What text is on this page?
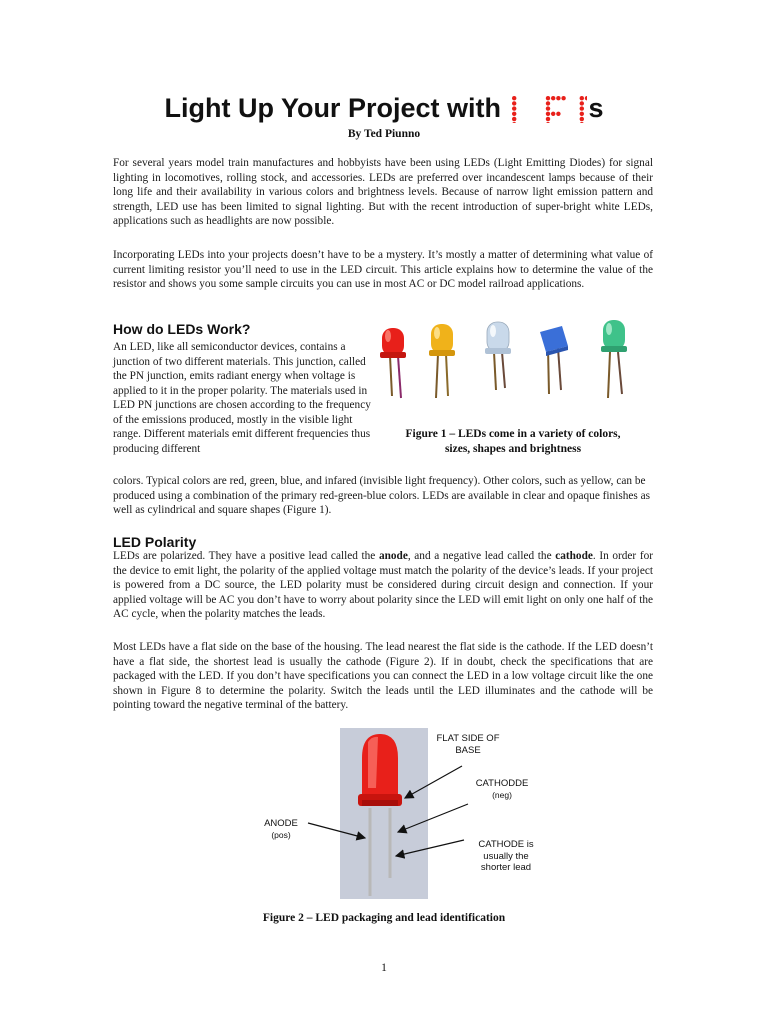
Light Up Your Project with	s
By Ted Piunno

For several years model train manufactures and hobbyists have been using LEDs (Light Emitting Diodes) for signal lighting in locomotives, rolling stock, and accessories. LEDs are preferred over incandescent lamps because of their long life and their availability in various colors and brightness levels. Because of narrow light emission pattern and strength, LED use has been limited to signal lighting. But with the recent introduction of super-bright white LEDs, applications such as headlights are now possible.

Incorporating LEDs into your projects doesn’t have to be a mystery. It’s mostly a matter of determining what value of current limiting resistor you’ll need to use in the LED circuit. This article explains how to determine the value of the resistor and shows you some sample circuits you can use in most AC or DC model railroad applications.

How do LEDs Work?

An LED, like all semiconductor devices, contains a junction of two different materials. This junction, called the PN junction, emits radiant energy when voltage is applied to it in the proper polarity. The materials used in LED PN junctions are chosen according to the frequency of the emissions produced, mostly in the visible light range. Different materials emit different frequencies thus producing different

Figure 1 – LEDs come in a variety of colors,
sizes, shapes and brightness

colors. Typical colors are red, green, blue, and infared (invisible light frequency). Other colors, such as yellow, can be produced using a combination of the primary red-green-blue colors. LEDs are available in clear and opaque finishes as well as cylindrical and square shapes (Figure 1).

LED Polarity

LEDs are polarized. They have a positive lead called the anode, and a negative lead called the cathode. In order for the device to emit light, the polarity of the applied voltage must match the polarity of the device’s leads. If your project is powered from a DC source, the LED polarity must be considered during circuit design and connection. If your applied voltage will be AC you don’t have to worry about polarity since the LED will emit light on only one half of the AC cycle, when the polarity matches the leads.

Most LEDs have a flat side on the base of the housing. The lead nearest the flat side is the cathode. If the LED doesn’t have a flat side, the shortest lead is usually the cathode (Figure 2). If in doubt, check the specifications that are packaged with the LED. If you don’t have specifications you can connect the LED in a low voltage circuit like the one shown in Figure 8 to determine the polarity. Switch the leads until the LED illuminates and the cathode will be pointing toward the negative terminal of the battery.

FLAT SIDE OF
BASE
CATHODDE
(neg)
ANODE
(pos)
CATHODE is
usually the
shorter lead
Figure 2 – LED packaging and lead identification
1
